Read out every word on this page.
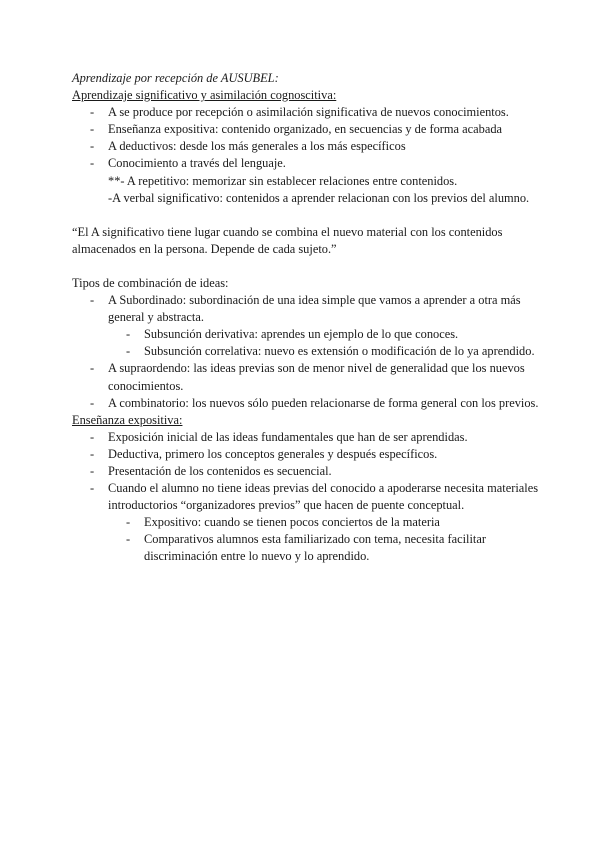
Aprendizaje por recepción de AUSUBEL:

Aprendizaje significativo y asimilación cognoscitiva:

- A se produce por recepción o asimilación significativa de nuevos conocimientos.
- Enseñanza expositiva: contenido organizado, en secuencias y de forma acabada
- A deductivos: desde los más generales a los más específicos
- Conocimiento a través del lenguaje.

**- A repetitivo: memorizar sin establecer relaciones entre contenidos.

-A verbal significativo: contenidos a aprender relacionan con los previos del alumno.

“El A significativo tiene lugar cuando se combina el nuevo material con los contenidos almacenados en la persona. Depende de cada sujeto.”

Tipos de combinación de ideas:

- A Subordinado: subordinación de una idea simple que vamos a aprender a otra más general y abstracta.
- Subsunción derivativa: aprendes un ejemplo de lo que conoces.
- Subsunción correlativa: nuevo es extensión o modificación de lo ya aprendido.
- A supraordendo: las ideas previas son de menor nivel de generalidad que los nuevos conocimientos.
- A combinatorio: los nuevos sólo pueden relacionarse de forma general con los previos.

Enseñanza expositiva:

- Exposición inicial de las ideas fundamentales que han de ser aprendidas.
- Deductiva, primero los conceptos generales y después específicos.
- Presentación de los contenidos es secuencial.
- Cuando el alumno no tiene ideas previas del conocido a apoderarse necesita materiales introductorios “organizadores previos” que hacen de puente conceptual.
- Expositivo: cuando se tienen pocos conciertos de la materia
- Comparativos alumnos esta familiarizado con tema, necesita facilitar discriminación entre lo nuevo y lo aprendido.
